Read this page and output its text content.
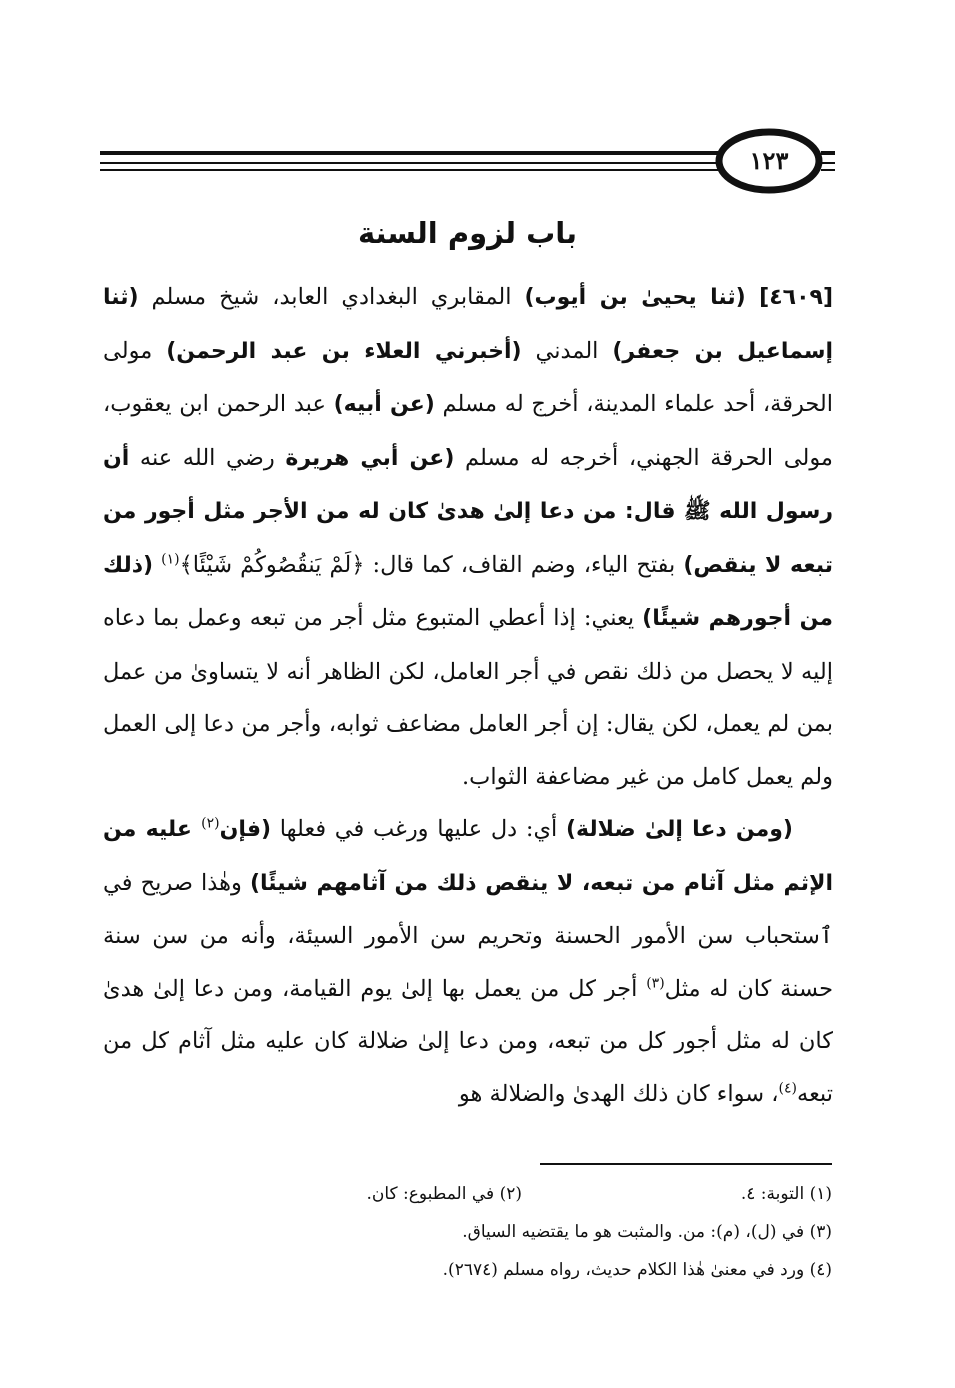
١٢٣
باب لزوم السنة

[٤٦٠٩] (ثنا يحيىٰ بن أيوب) المقابري البغدادي العابد، شيخ مسلم (ثنا إسماعيل بن جعفر) المدني (أخبرني العلاء بن عبد الرحمن) مولى الحرقة، أحد علماء المدينة، أخرج له مسلم (عن أبيه) عبد الرحمن ابن يعقوب، مولى الحرقة الجهني، أخرجه له مسلم (عن أبي هريرة رضي الله عنه أن رسول الله ﷺ قال: من دعا إلىٰ هدىٰ كان له من الأجر مثل أجور من تبعه لا ينقص) بفتح الياء، وضم القاف، كما قال: ﴿لَمْ يَنقُصُوكُمْ شَيْئًا﴾$^{(١)}$ (ذلك من أجورهم شيئًا) يعني: إذا أعطي المتبوع مثل أجر من تبعه وعمل بما دعاه إليه لا يحصل من ذلك نقص في أجر العامل، لكن الظاهر أنه لا يتساوىٰ من عمل بمن لم يعمل، لكن يقال: إن أجر العامل مضاعف ثوابه، وأجر من دعا إلى العمل ولم يعمل كامل من غير مضاعفة الثواب.

(ومن دعا إلىٰ ضلالة) أي: دل عليها ورغب في فعلها (فإن$^{(٢)}$ عليه من الإثم مثل آثام من تبعه، لا ينقص ذلك من آثامهم شيئًا) وهٰذا صريح في ٱستحباب سن الأمور الحسنة وتحريم سن الأمور السيئة، وأنه من سن سنة حسنة كان له مثل$^{(٣)}$ أجر كل من يعمل بها إلىٰ يوم القيامة، ومن دعا إلىٰ هدىٰ كان له مثل أجور كل من تبعه، ومن دعا إلىٰ ضلالة كان عليه مثل آثام كل من تبعه$^{(٤)}$، سواء كان ذلك الهدىٰ والضلالة هو

(١) التوبة: ٤.
(٢) في المطبوع: كان.
(٣)

في (ل)، (م): من. والمثبت هو ما يقتضيه السياق.
(٤)

ورد في معنىٰ هٰذا الكلام حديث، رواه مسلم (٢٦٧٤).
